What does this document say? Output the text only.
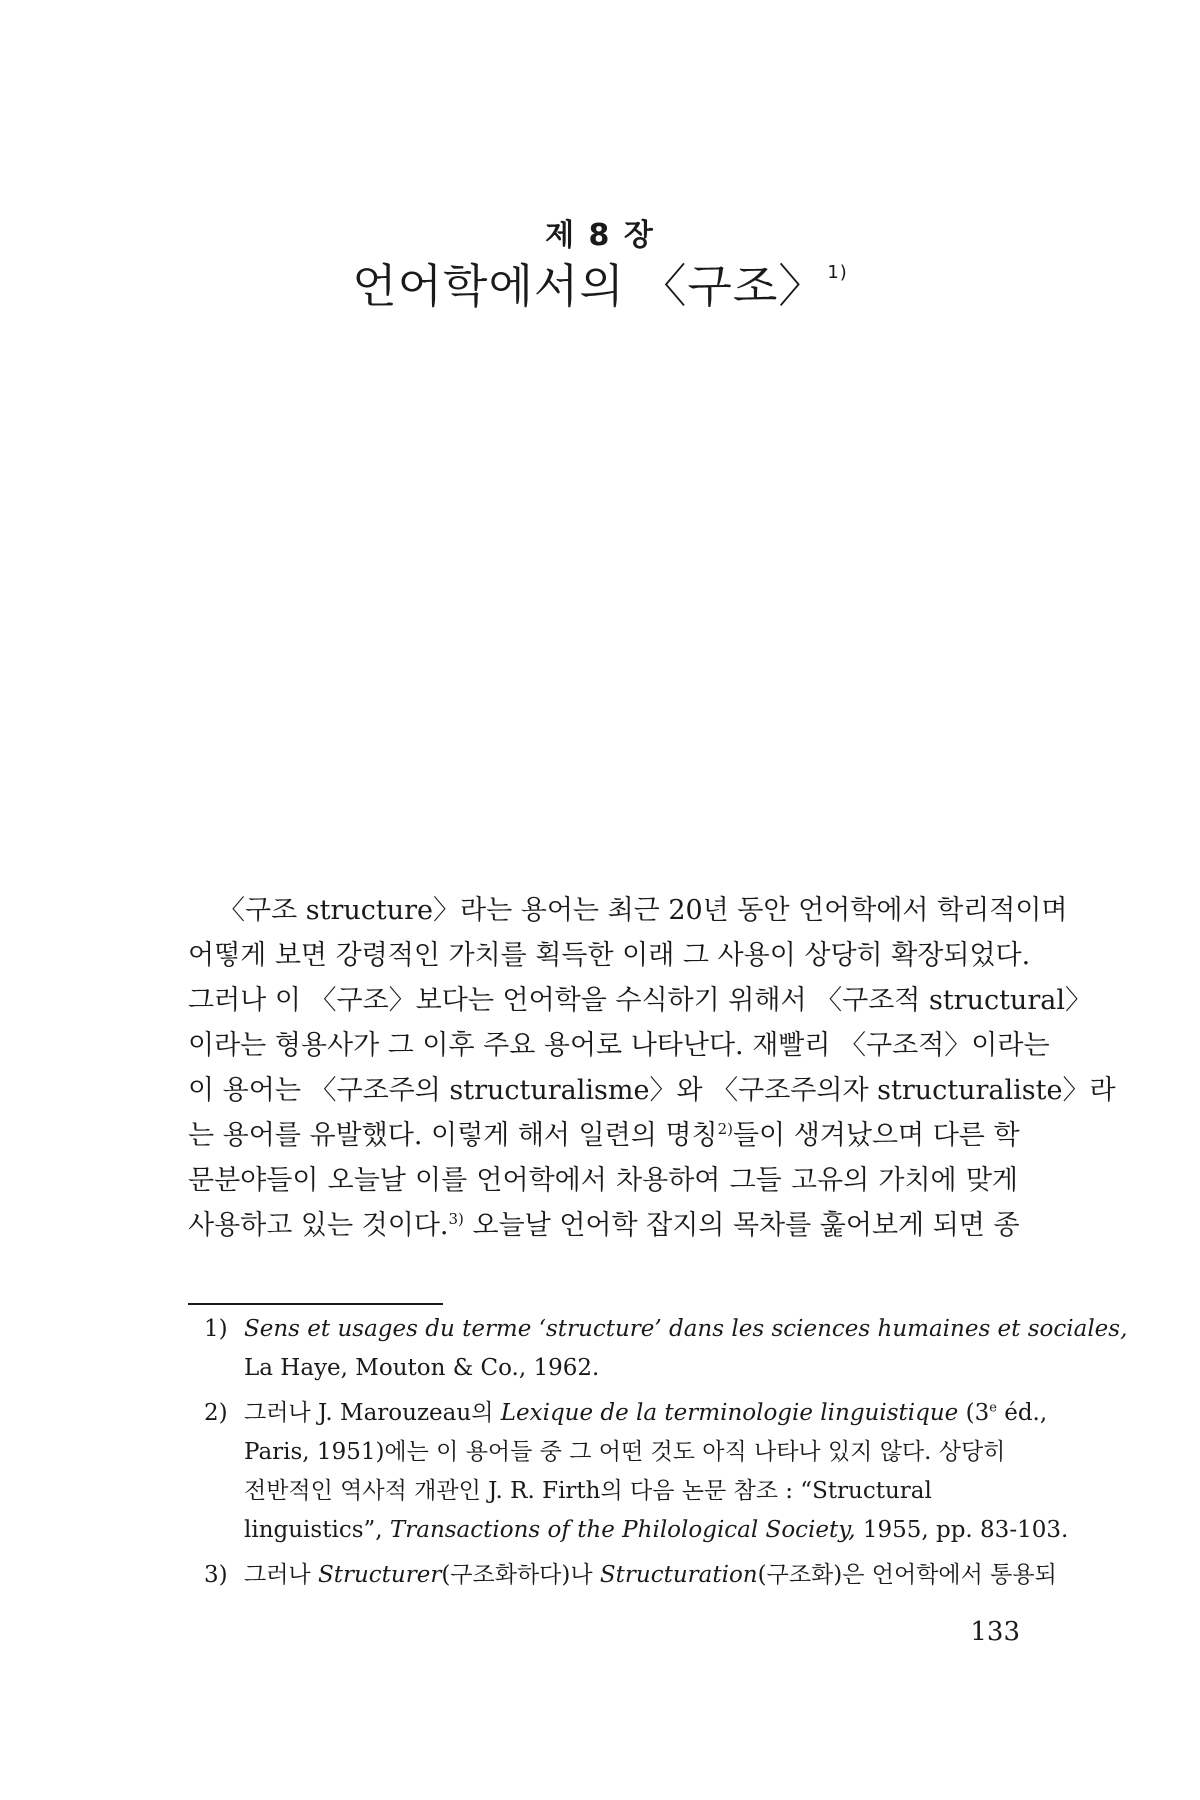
제 8 장
언어학에서의 〈구조〉 $^{1)}$
〈구조 structure〉라는 용어는 최근 20년 동안 언어학에서 학리적이며
어떻게 보면 강령적인 가치를 획득한 이래 그 사용이 상당히 확장되었다.
그러나 이 〈구조〉보다는 언어학을 수식하기 위해서 〈구조적 structural〉
이라는 형용사가 그 이후 주요 용어로 나타난다. 재빨리 〈구조적〉이라는
이 용어는 〈구조주의 structuralisme〉와 〈구조주의자 structuraliste〉라
는 용어를 유발했다. 이렇게 해서 일련의 명칭$^{2)}$들이 생겨났으며 다른 학
문분야들이 오늘날 이를 언어학에서 차용하여 그들 고유의 가치에 맞게
사용하고 있는 것이다.$^{3)}$ 오늘날 언어학 잡지의 목차를 훑어보게 되면 종
1) Sens et usages du terme ‘structure’ dans les sciences humaines et sociales,
La Haye, Mouton & Co., 1962.
2) 그러나 J. Marouzeau의 Lexique de la terminologie linguistique (3e éd.,
Paris, 1951)에는 이 용어들 중 그 어떤 것도 아직 나타나 있지 않다. 상당히
전반적인 역사적 개관인 J. R. Firth의 다음 논문 참조 : “Structural
linguistics”, Transactions of the Philological Society, 1955, pp. 83-103.
3) 그러나 Structurer(구조화하다)나 Structuration(구조화)은 언어학에서 통용되
133
